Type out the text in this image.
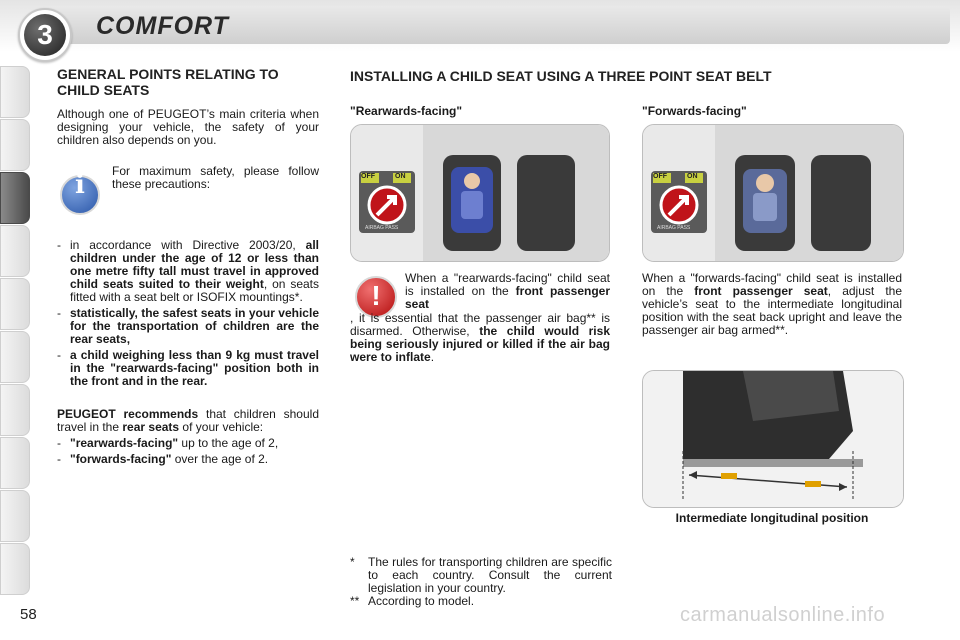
3	COMFORT
58
GENERAL POINTS RELATING TO CHILD SEATS

Although one of PEUGEOT’s main criteria when designing your vehicle, the safety of your children also depends on you.

i
For maximum safety, please follow these precautions:
- in accordance with Directive 2003/20, all children under the age of 12 or less than one metre fifty tall must travel in approved child seats suited to their weight, on seats fitted with a seat belt or ISOFIX mountings*.
- statistically, the safest seats in your vehicle for the transportation of children are the rear seats,
- a child weighing less than 9 kg must travel in the "rearwards-facing" position both in the front and in the rear.

PEUGEOT recommends that children should travel in the rear seats of your vehicle:

- "rearwards-facing" up to the age of 2,
- "forwards-facing" over the age of 2.
INSTALLING A CHILD SEAT USING A THREE POINT SEAT BELT
"Rearwards-facing"	"Forwards-facing"
OFF	ON
AIRBAG PASS
OFF	ON
AIRBAG PASS
!
When a "rearwards-facing" child seat is installed on the front passenger seat
, it is essential that the passenger air bag** is disarmed. Otherwise, the child would risk being seriously injured or killed if the air bag were to inflate.
When a "forwards-facing" child seat is installed on the front passenger seat, adjust the vehicle’s seat to the intermediate longitudinal position with the seat back upright and leave the passenger air bag armed**.
Intermediate longitudinal position
* The rules for transporting children are specific to each country. Consult the current legislation in your country.
** According to model.
carmanualsonline.info
